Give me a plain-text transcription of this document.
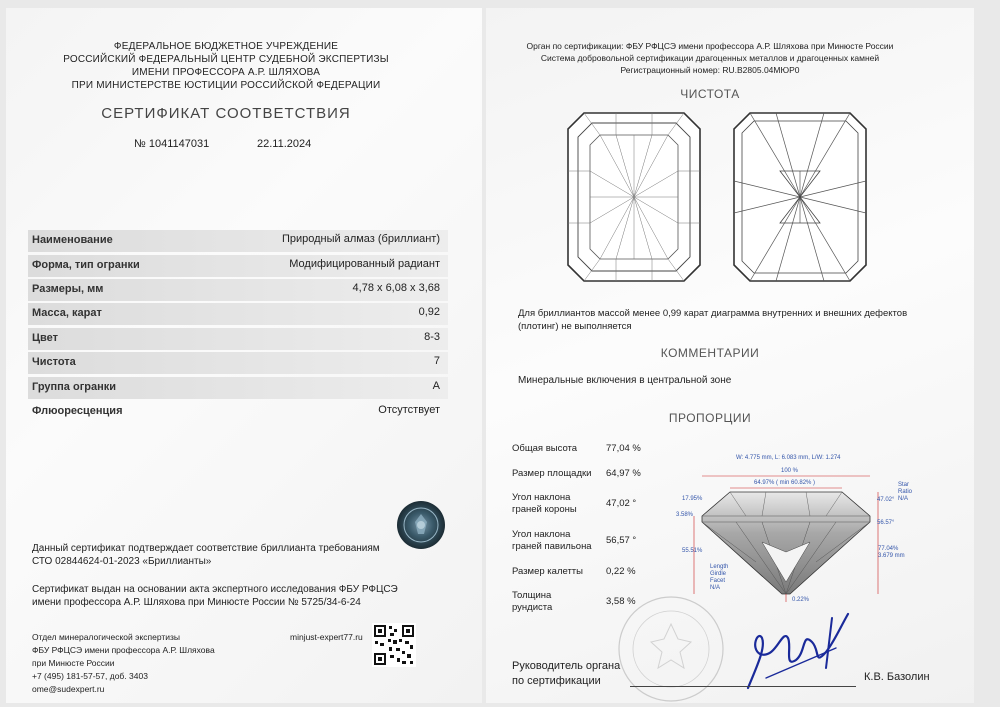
ФЕДЕРАЛЬНОЕ БЮДЖЕТНОЕ УЧРЕЖДЕНИЕ
РОССИЙСКИЙ ФЕДЕРАЛЬНЫЙ ЦЕНТР СУДЕБНОЙ ЭКСПЕРТИЗЫ
ИМЕНИ ПРОФЕССОРА А.Р. ШЛЯХОВА
ПРИ МИНИСТЕРСТВЕ ЮСТИЦИИ РОССИЙСКОЙ ФЕДЕРАЦИИ
СЕРТИФИКАТ СООТВЕТСТВИЯ
№ 1041147031	22.11.2024
Наименование	Природный алмаз (бриллиант)
Форма, тип огранки	Модифицированный радиант
Размеры, мм	4,78 x 6,08 x 3,68
Масса, карат	0,92
Цвет	8-3
Чистота	7
Группа огранки	А
Флюоресценция	Отсутствует
Данный сертификат подтверждает соответствие бриллианта требованиям
СТО 02844624-01-2023 «Бриллианты»
Сертификат выдан на основании акта экспертного исследования ФБУ РФЦСЭ
имени профессора А.Р. Шляхова при Минюсте России № 5725/34-6-24
Отдел минералогической экспертизы
ФБУ РФЦСЭ имени профессора А.Р. Шляхова
при Минюсте России
+7 (495) 181-57-57, доб. 3403
ome@sudexpert.ru
minjust-expert77.ru
Орган по сертификации: ФБУ РФЦСЭ имени профессора А.Р. Шляхова при Минюсте России
Система добровольной сертификации драгоценных металлов и драгоценных камней
Регистрационный номер: RU.B2805.04МЮР0
ЧИСТОТА
Для бриллиантов массой менее 0,99 карат диаграмма внутренних и внешних дефектов
(плотинг) не выполняется
КОММЕНТАРИИ
Минеральные включения в центральной зоне
ПРОПОРЦИИ
Общая высота	77,04 %
Размер площадки 64,97 %
Угол наклона
граней короны
47,02 °
Угол наклона
граней павильона
56,57 °
Размер калетты 0,22 %
Толщина
рундиста
3,58 %
W: 4.775 mm, L: 6.083 mm, L/W: 1.274
100 %
64.97% ( min 60.82% )
17.95%
3.58%
55.51%
47.02°
Star
Ratio
N/A
56.57°
77.04%
3.679 mm
Length
Girdle
Facet
N/A
0.22%
Руководитель органа
по сертификации	К.В. Базолин
